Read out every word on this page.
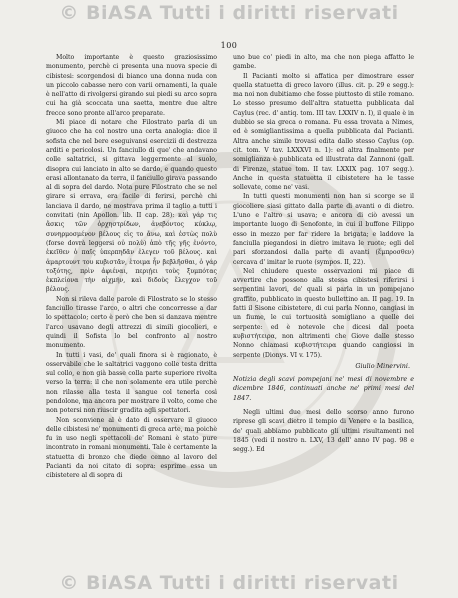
© BiASA Tutti i diritti riservati
100

Molto importante è questo graziosissimo monumento, perchè ci presenta una nuova specie di cibistesi: scorgendosi di bianco una donna nuda con un piccolo cabasse nero con varii ornamenti, la quale è nell'atto di rivolgersi girando sui piedi su arco sopra cui ha già scoccata una saetta, mentre due altre frecce sono pronte all'arco preparate.

Mi piace di notare che Filostrato parla di un giuoco che ha col nostro una certa analogia: dice il sofista che nel bere eseguivansi esercizii di destrezza arditi e pericolosi. Un fanciullo di que' che andavano colle saltatrici, si gittava leggermente al suolo, disopra cui lanciato in alto se dardo, e quando questo erasi allontanato da terra, il fanciullo girava passando al di sopra del dardo. Nota pure Filostrato che se nel girare si errava, era facile di ferirsi, perchè chi lanciava il dardo, ne mostrava prima il taglio a tutti i convitati (nin Apollon. lib. II cap. 28): καὶ γάρ τις ἄσκις τῶν ὀρχηστρίδων, ἀνεβόντος κύκλῳ, συνηρμοσμένον βέλους εἰς το ἄνω, καὶ ἐστὼς πολὺ (forse dovrà leggersi οὐ πολὺ) ἀπὸ τῆς γῆς ἐνόντο, ἐκεῖθεν ὁ παῖς ὑπερπηδᾶν ἐλεγεν τοῦ βέλους. καὶ ἁμαρτουντ του κυβιστᾶν, ἑτοιμα ἦν βεβλῆσθαι, ὁ γάρ τοξότης, πρὶν ἀφιέναι, περιῄει τοὺς ξυμπότας ἐκπλείονα τὴν αἰχμήν, καὶ διδοὺς ἔλεγχον τοῦ βέλους.

Non si rileva dalle parole di Filostrato se lo stesso fanciullo tirasse l'arco, o altri che concorresse a dar lo spettacolo; certo è però che ben si danzava mentre l'arco usavano degli attrezzi di simili giocolieri, e quindi il Sofista lo bel confronto al nostro monumento.

In tutti i vasi, de' quali finora si è ragionato, è osservabile che le saltatrici vaggono colle testa dritta sul collo, e non già basse colla parte superiore rivolta verso la terra: il che non solamente era utile perchè non rilasse alla testa il sangue col tenerla così pendolone, ma ancora per mostrare il volto, come che non potersi non riuscir gradita agli spettatori.

Non sconviene al è dato di osservare il giuoco delle cibistesi ne' monumenti di greca arte, ma poichè fu in uso negli spettacoli de' Romani è stato pure incontrato in romani monumenti. Tale è certamente la statuetta di bronzo che diede cenno al lavoro del Pacianti da noi citato di sopra: esprime essa un cibistetere al di sopra di

uno bue co' piedi in alto, ma che non piega affatto le gambe.

Il Pacianti molto si affatica per dimostrare esser quella statuetta di greco lavoro (illus. cit. p. 29 e segg.): ma noi non dubitiamo che fosse piuttosto di stile romano. Lo stesso presumo dell'altra statuetta pubblicata dal Caylus (rec. d' antiq. tom. III tav. LXXIV n. I), il quale è in dubbio se sia greca o romana. Fu essa trovata a Nimes, ed è somigliantissima a quella pubblicata dal Pacianti. Altra anche simile trovasi edita dallo stesso Caylus (op. cit. tom. V tav. LXXXVI n. 1): ed altra finalmente per somiglianza è pubblicata ed illustrata dal Zannoni (gall. di Firenze, statue tom. II tav. LXXIX pag. 107 segg.). Anche in questa statuetta il cibistetere ha le tasse sollevate, come ne' vasi.

In tutti questi monumenti non han si scorge se il giocoliere siasi gittato dalla parte di avanti o di dietro. L'uno e l'altro si usava; e ancora di ciò avessi un importante luogo di Senofonte, in cui il buffone Filippo esso in mezzo per far ridere la brigata; e laddove la fanciulla piegandosi in dietro imitava le ruote; egli del pari sforzandosi dalla parte di avanti (ἔμπροσθεν) cercava d' imitar le ruote (sympos. II, 22).

Nel chiudere queste osservazioni mi piace di avvertire che possono alla stessa cibistesi riferirsi i serpentini lavori, de' quali si parla in un pompejano graffito, pubblicato in questo bullettino an. II pag. 19. In fatti il Sisone cibistetere, di cui parla Nonno, cangiasi in un fiume, le cui tortuosità somigliano a quelle dei serpente: ed è notevole che dicesi dal poeta κυβιστήτειρα, non altrimenti che Giove dalle stesso Nonno chiamasi κυβιστήτειρα quando cangiossi in serpente (Dionys. VI v. 175).

Giulio Minervini.
Notizia degli scavi pompejani ne' mesi di novembre e dicembre 1846, continuati anche ne' primi mesi del 1847.

Negli ultimi due mesi dello scorso anno furono riprese gli scavi dietro il tempio di Venere e la basilica, de' quali abbiamo pubblicato gli ultimi risultamenti nel 1845 (vedi il nostro n. LXV, 13 dell' anno IV pag. 98 e segg.). Ed

© BiASA Tutti i diritti riservati
